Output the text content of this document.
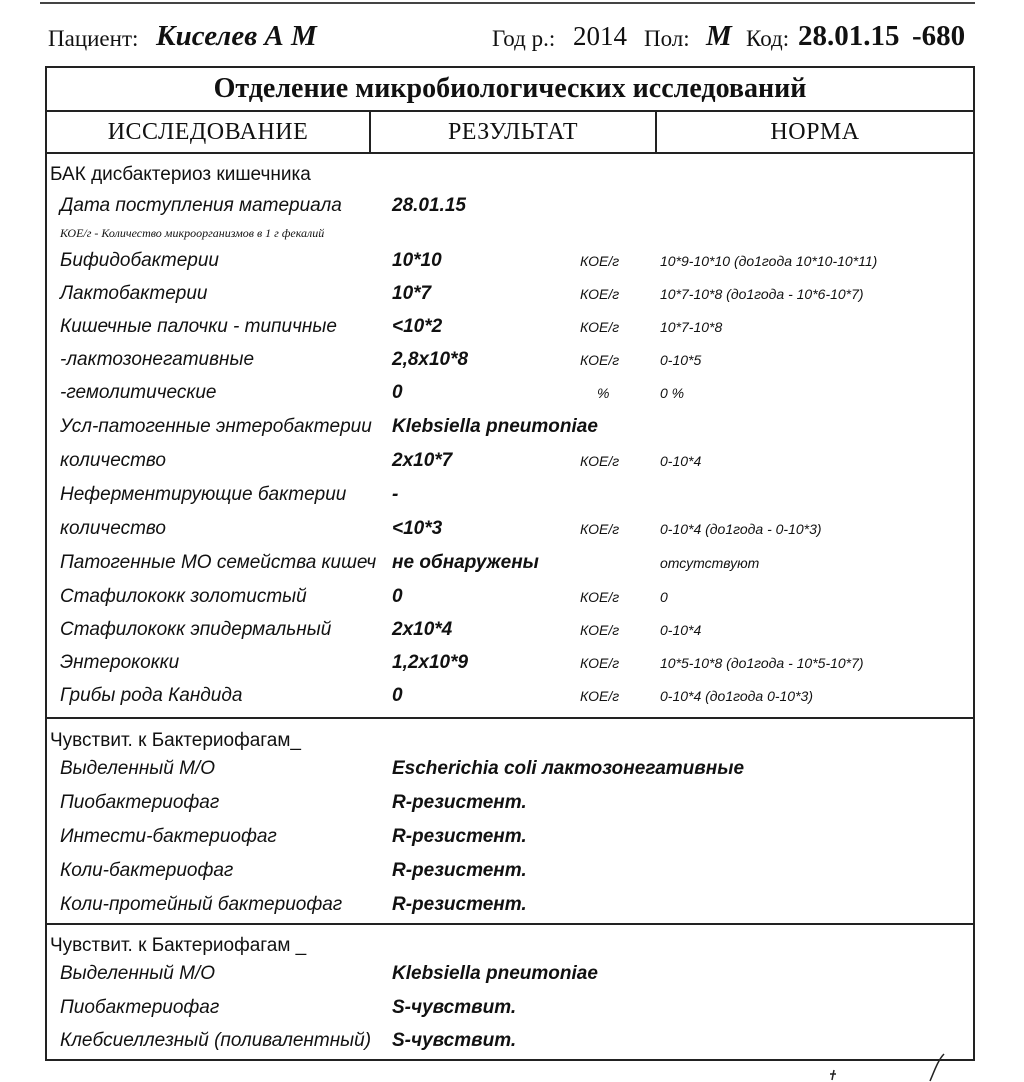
Пациент: Киселев А М	Год р.: 2014 Пол: М Код: 28.01.15 -680
Отделение микробиологических исследований
ИССЛЕДОВАНИЕ	РЕЗУЛЬТАТ	НОРМА
БАК дисбактериоз кишечника
Дата поступления материала	28.01.15
КОЕ/г - Количество микроорганизмов в 1 г фекалий
Бифидобактерии	10*10	КОЕ/г	10*9-10*10 (до1года 10*10-10*11)
Лактобактерии	10*7	КОЕ/г	10*7-10*8 (до1года - 10*6-10*7)
Кишечные палочки - типичные	<10*2	КОЕ/г	10*7-10*8
-лактозонегативные	2,8x10*8	КОЕ/г	0-10*5
-гемолитические	0	%	0 %
Усл-патогенные энтеробактерии Klebsiella pneumoniae
количество	2x10*7	КОЕ/г	0-10*4
Неферментирующие бактерии -
количество	<10*3	КОЕ/г	0-10*4 (до1года - 0-10*3)
Патогенные МО семейства кишеч не обнаружены	отсутствуют
Стафилококк золотистый	0	КОЕ/г	0
Стафилококк эпидермальный	2x10*4	КОЕ/г	0-10*4
Энтерококки	1,2x10*9	КОЕ/г	10*5-10*8 (до1года - 10*5-10*7)
Грибы рода Кандида	0	КОЕ/г	0-10*4 (до1года 0-10*3)
Чувствит. к Бактериофагам_
Выделенный М/О	Escherichia coli лактозонегативные
Пиобактериофаг	R-резистент.
Интести-бактериофаг	R-резистент.
Коли-бактериофаг	R-резистент.
Коли-протейный бактериофаг	R-резистент.
Чувствит. к Бактериофагам _
Выделенный М/О	Klebsiella pneumoniae
Пиобактериофаг	S-чувствит.
Клебсиеллезный (поливалентный) S-чувствит.
